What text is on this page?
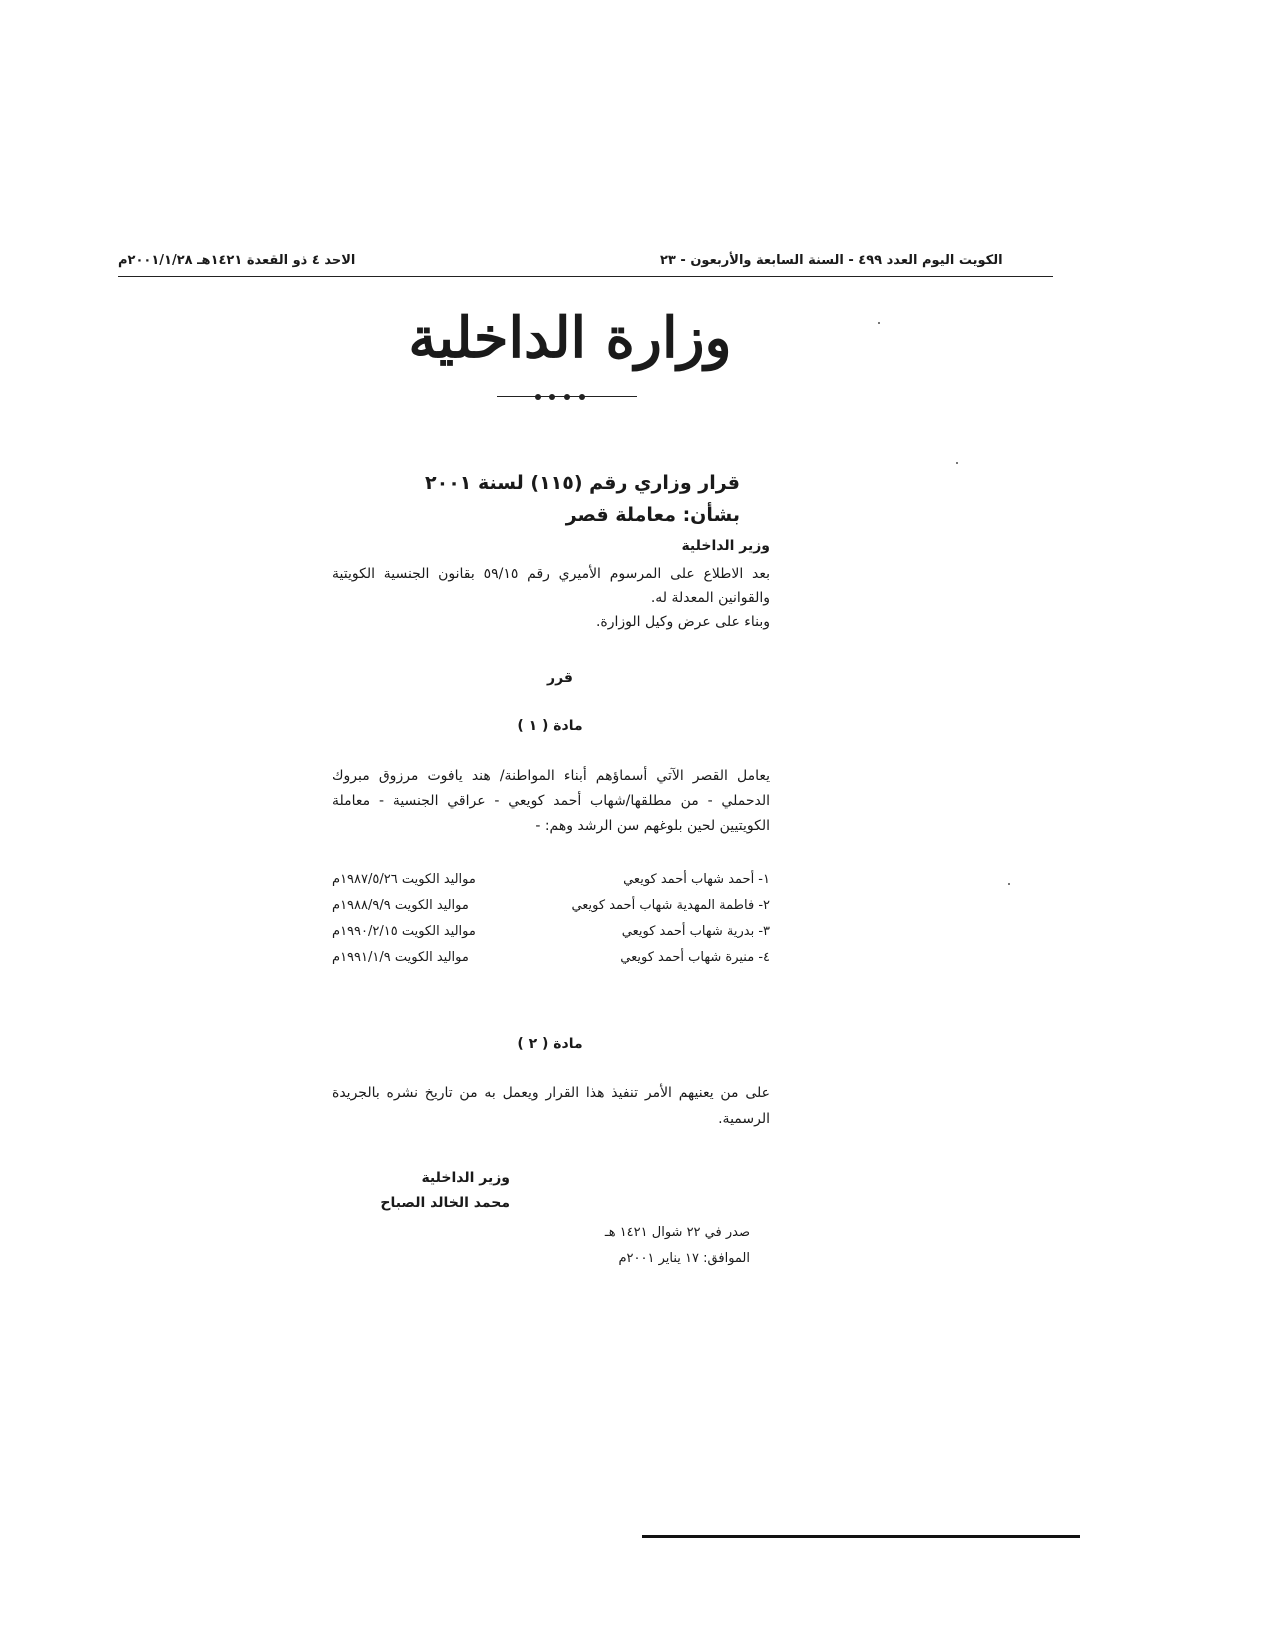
الاحد ٤ ذو القعدة ١٤٢١هـ ٢٠٠١/١/٢٨م	الكويت اليوم العدد ٤٩٩ - السنة السابعة والأربعون - ٢٣
وزارة الداخلية
قرار وزاري رقم (١١٥) لسنة ٢٠٠١
بشأن: معاملة قصر
وزير الداخلية

بعد الاطلاع على المرسوم الأميري رقم ٥٩/١٥ بقانون الجنسية الكويتية والقوانين المعدلة له.

وبناء على عرض وكيل الوزارة.

قرر
مادة ( ١ )
يعامل القصر الآتي أسماؤهم أبناء المواطنة/ هند يافوت مرزوق مبروك الدحملي - من مطلقها/شهاب أحمد كويعي - عراقي الجنسية - معاملة الكويتيين لحين بلوغهم سن الرشد وهم: -
١- أحمد شهاب أحمد كويعي
مواليد الكويت ١٩٨٧/٥/٢٦م
٢- فاطمة المهدية شهاب أحمد كويعي
مواليد الكويت ١٩٨٨/٩/٩م
٣- بدرية شهاب أحمد كويعي
مواليد الكويت ١٩٩٠/٢/١٥م
٤- منيرة شهاب أحمد كويعي
مواليد الكويت ١٩٩١/١/٩م
مادة ( ٢ )
على من يعنيهم الأمر تنفيذ هذا القرار ويعمل به من تاريخ نشره بالجريدة الرسمية.
وزير الداخلية
محمد الخالد الصباح
صدر في ٢٢ شوال ١٤٢١ هـ
الموافق: ١٧ يناير ٢٠٠١م
